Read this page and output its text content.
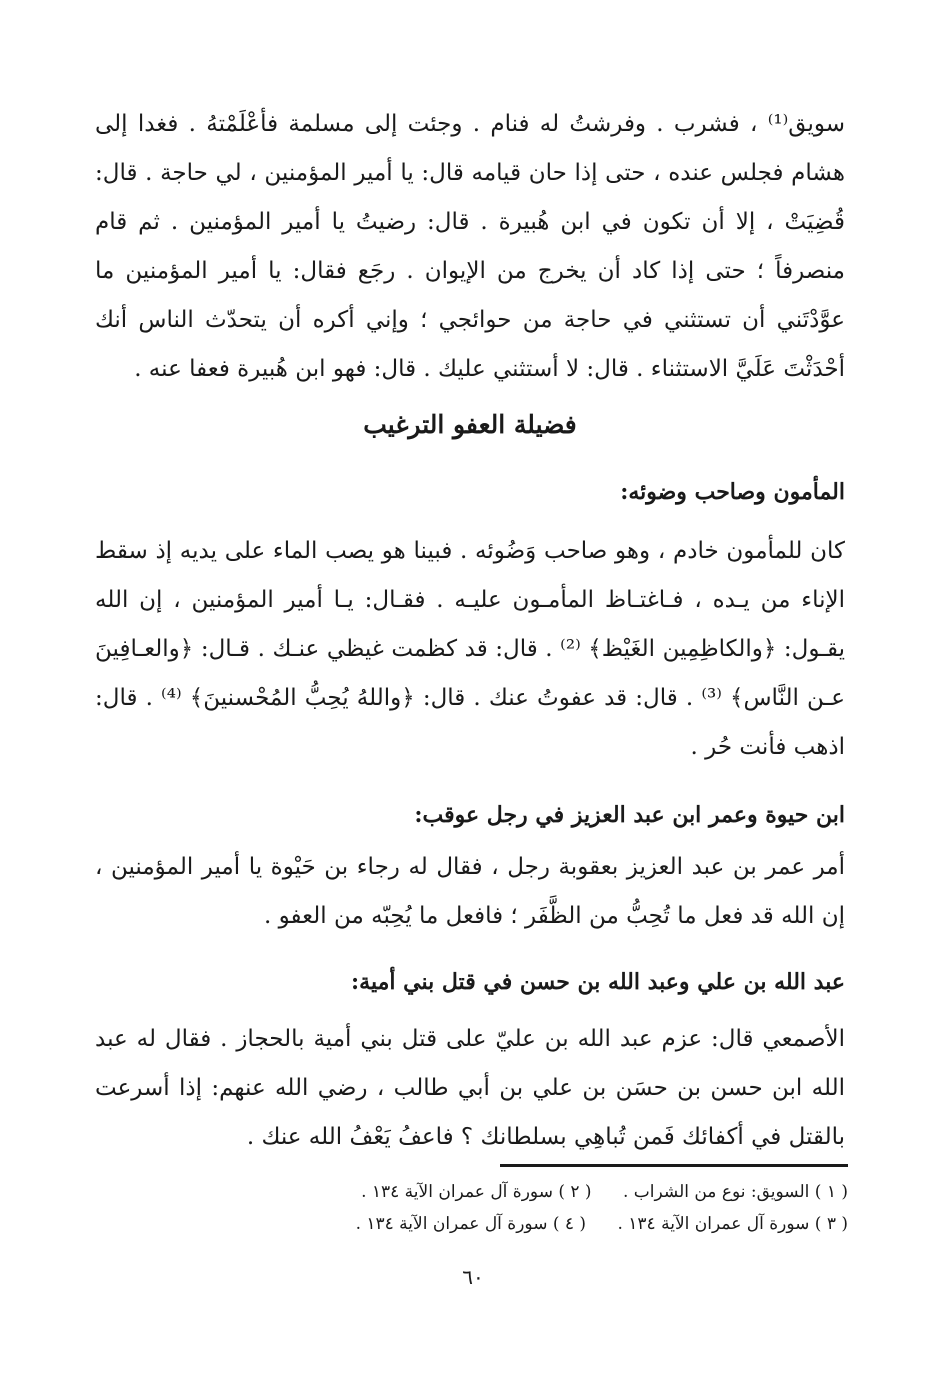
سويق⁽¹⁾ ، فشرب . وفرشتُ له فنام . وجئت إلى مسلمة فأعْلَمْتهُ . فغدا إلى هشام فجلس عنده ، حتى إذا حان قيامه قال: يا أمير المؤمنين ، لي حاجة . قال: قُضِيَتْ ، إلا أن تكون في ابن هُبيرة . قال: رضيتُ يا أمير المؤمنين . ثم قام منصرفاً ؛ حتى إذا كاد أن يخرج من الإيوان . رجَع فقال: يا أمير المؤمنين ما عوَّدْتَني أن تستثني في حاجة من حوائجي ؛ وإني أكره أن يتحدّث الناس أنك أحْدَثْتَ عَلَيَّ الاستثناء . قال: لا أستثني عليك . قال: فهو ابن هُبيرة فعفا عنه .

فضيلة العفو الترغيب
المأمون وصاحب وضوئه:

كان للمأمون خادم ، وهو صاحب وَضُوئه . فبينا هو يصب الماء على يديه إذ سقط الإناء من يـده ، فـاغتـاظ المأمـون عليـه . فقـال: يـا أمير المؤمنين ، إن الله يقـول: ﴿والكاظِمِين الغَيْظ﴾ ⁽²⁾ . قال: قد كظمت غيظي عنـك . قـال: ﴿والعـافِينَ عـن النَّاس﴾ ⁽³⁾ . قال: قد عفوتُ عنك . قال: ﴿واللهُ يُحِبُّ المُحْسنينَ﴾ ⁽⁴⁾ . قال: اذهب فأنت حُر .

ابن حيوة وعمر ابن عبد العزيز في رجل عوقب:

أمر عمر بن عبد العزيز بعقوبة رجل ، فقال له رجاء بن حَيْوة يا أمير المؤمنين ، إن الله قد فعل ما تُحِبُّ من الظَّفَر ؛ فافعل ما يُحِبّه من العفو .

عبد الله بن علي وعبد الله بن حسن في قتل بني أمية:

الأصمعي قال: عزم عبد الله بن عليّ على قتل بني أمية بالحجاز . فقال له عبد الله ابن حسن بن حسَن بن علي بن أبي طالب ، رضي الله عنهم: إذا أسرعت بالقتل في أكفائك فَمن تُباهِي بسلطانك ؟ فاعفُ يَعْفُ الله عنك .

( ١ ) السويق: نوع من الشراب . ( ٢ ) سورة آل عمران الآية ١٣٤ .
( ٣ ) سورة آل عمران الآية ١٣٤ . ( ٤ ) سورة آل عمران الآية ١٣٤ .
٦٠
